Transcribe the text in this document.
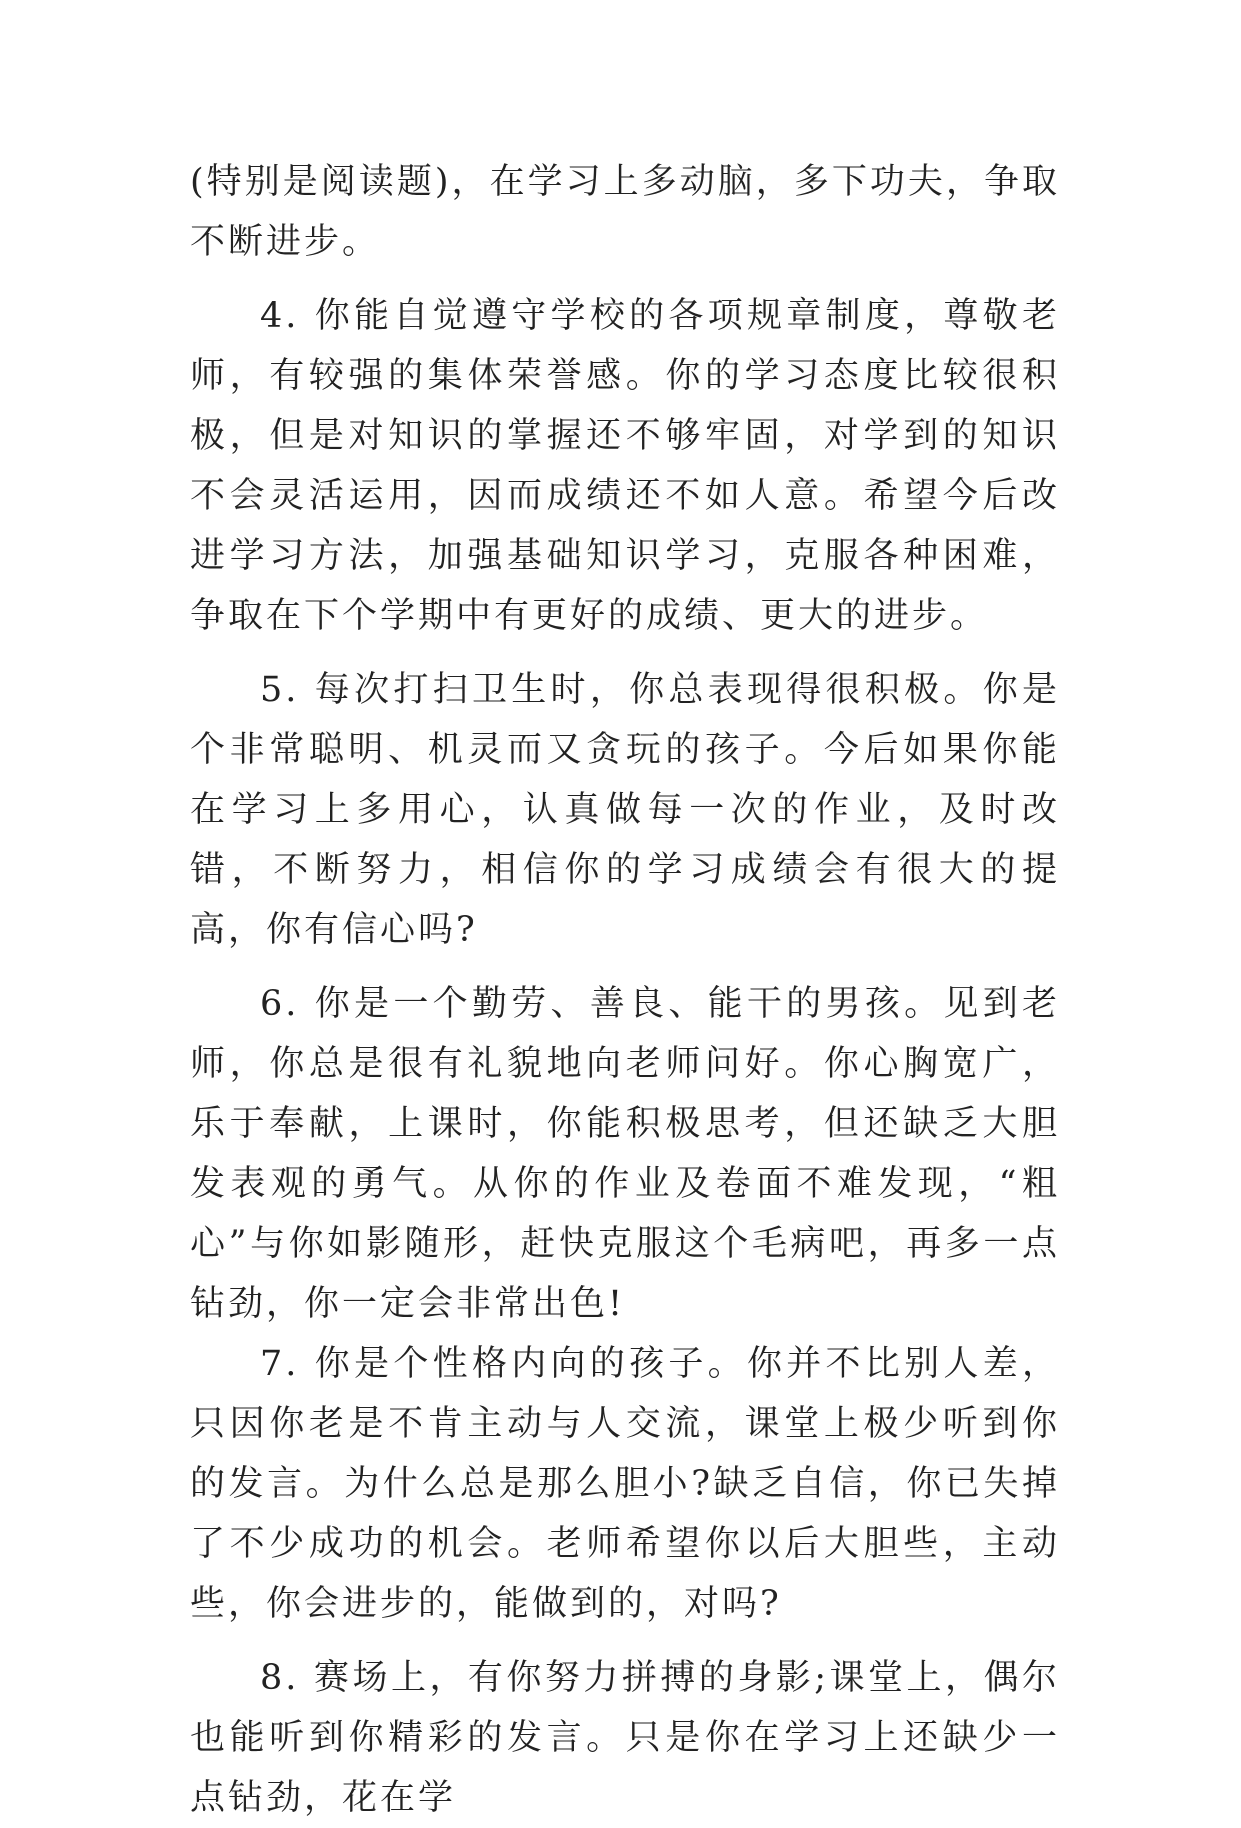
(特别是阅读题)，在学习上多动脑，多下功夫，争取不断进步。

4. 你能自觉遵守学校的各项规章制度，尊敬老师，有较强的集体荣誉感。你的学习态度比较很积极，但是对知识的掌握还不够牢固，对学到的知识不会灵活运用，因而成绩还不如人意。希望今后改进学习方法，加强基础知识学习，克服各种困难，争取在下个学期中有更好的成绩、更大的进步。

5. 每次打扫卫生时，你总表现得很积极。你是个非常聪明、机灵而又贪玩的孩子。今后如果你能在学习上多用心，认真做每一次的作业，及时改错，不断努力，相信你的学习成绩会有很大的提高，你有信心吗?

6. 你是一个勤劳、善良、能干的男孩。见到老师，你总是很有礼貌地向老师问好。你心胸宽广，乐于奉献，上课时，你能积极思考，但还缺乏大胆发表观的勇气。从你的作业及卷面不难发现，“粗心”与你如影随形，赶快克服这个毛病吧，再多一点钻劲，你一定会非常出色!

7. 你是个性格内向的孩子。你并不比别人差，只因你老是不肯主动与人交流，课堂上极少听到你的发言。为什么总是那么胆小?缺乏自信，你已失掉了不少成功的机会。老师希望你以后大胆些，主动些，你会进步的，能做到的，对吗?

8. 赛场上，有你努力拼搏的身影;课堂上，偶尔也能听到你精彩的发言。只是你在学习上还缺少一点钻劲，花在学
